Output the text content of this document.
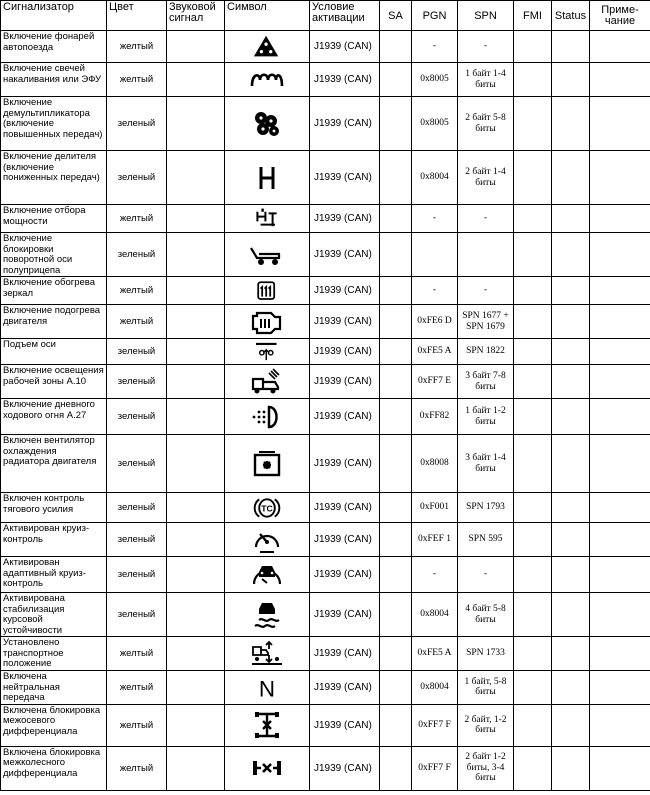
Сигнализатор	Цвет	Звуковой сигнал	Символ	Условие активации	SA	PGN	SPN	FMI	Status	Приме-чание
Включение фонарей автопоезда	желтый			J1939 (CAN)		-	-			
Включение свечей накаливания или ЭФУ	желтый			J1939 (CAN)		0x8005	1 байт 1-4 биты			
Включение демультипликатора (включение повышенных передач)	зеленый			J1939 (CAN)		0x8005	2 байт 5-8 биты			
Включение делителя (включение пониженных передач)	зеленый			J1939 (CAN)		0x8004	2 байт 1-4 биты			
Включение отбора мощности	желтый			J1939 (CAN)		-	-			
Включение блокировки поворотной оси полуприцепа	зеленый			J1939 (CAN)						
Включение обогрева зеркал	желтый			J1939 (CAN)		-	-			
Включение подогрева двигателя	желтый			J1939 (CAN)		0xFE6 D	SPN 1677 + SPN 1679			
Подъем оси	зеленый			J1939 (CAN)		0xFE5 A	SPN 1822			
Включение освещения рабочей зоны А.10	зеленый			J1939 (CAN)		0xFF7 E	3 байт 7-8 биты			
Включение дневного ходового огня А.27	зеленый			J1939 (CAN)		0xFF82	1 байт 1-2 биты			
Включен вентилятор охлаждения радиатора двигателя	зеленый			J1939 (CAN)		0x8008	3 байт 1-4 биты			
Включен контроль тягового усилия	зеленый		TC	J1939 (CAN)		0xF001	SPN 1793			
Активирован круиз-контроль	зеленый			J1939 (CAN)		0xFEF 1	SPN 595			
Активирован адаптивный круиз-контроль	зеленый			J1939 (CAN)		-	-			
Активирована стабилизация курсовой устойчивости	зеленый			J1939 (CAN)		0x8004	4 байт 5-8 биты			
Установлено транспортное положение	желтый			J1939 (CAN)		0xFE5 A	SPN 1733			
Включена нейтральная передача	желтый		N	J1939 (CAN)		0x8004	1 байт, 5-8 биты			
Включена блокировка межосевого дифференциала	желтый			J1939 (CAN)		0xFF7 F	2 байт, 1-2 биты			
Включена блокировка межколесного дифференциала	желтый			J1939 (CAN)		0xFF7 F	2 байт 1-2 биты, 3-4 биты			
